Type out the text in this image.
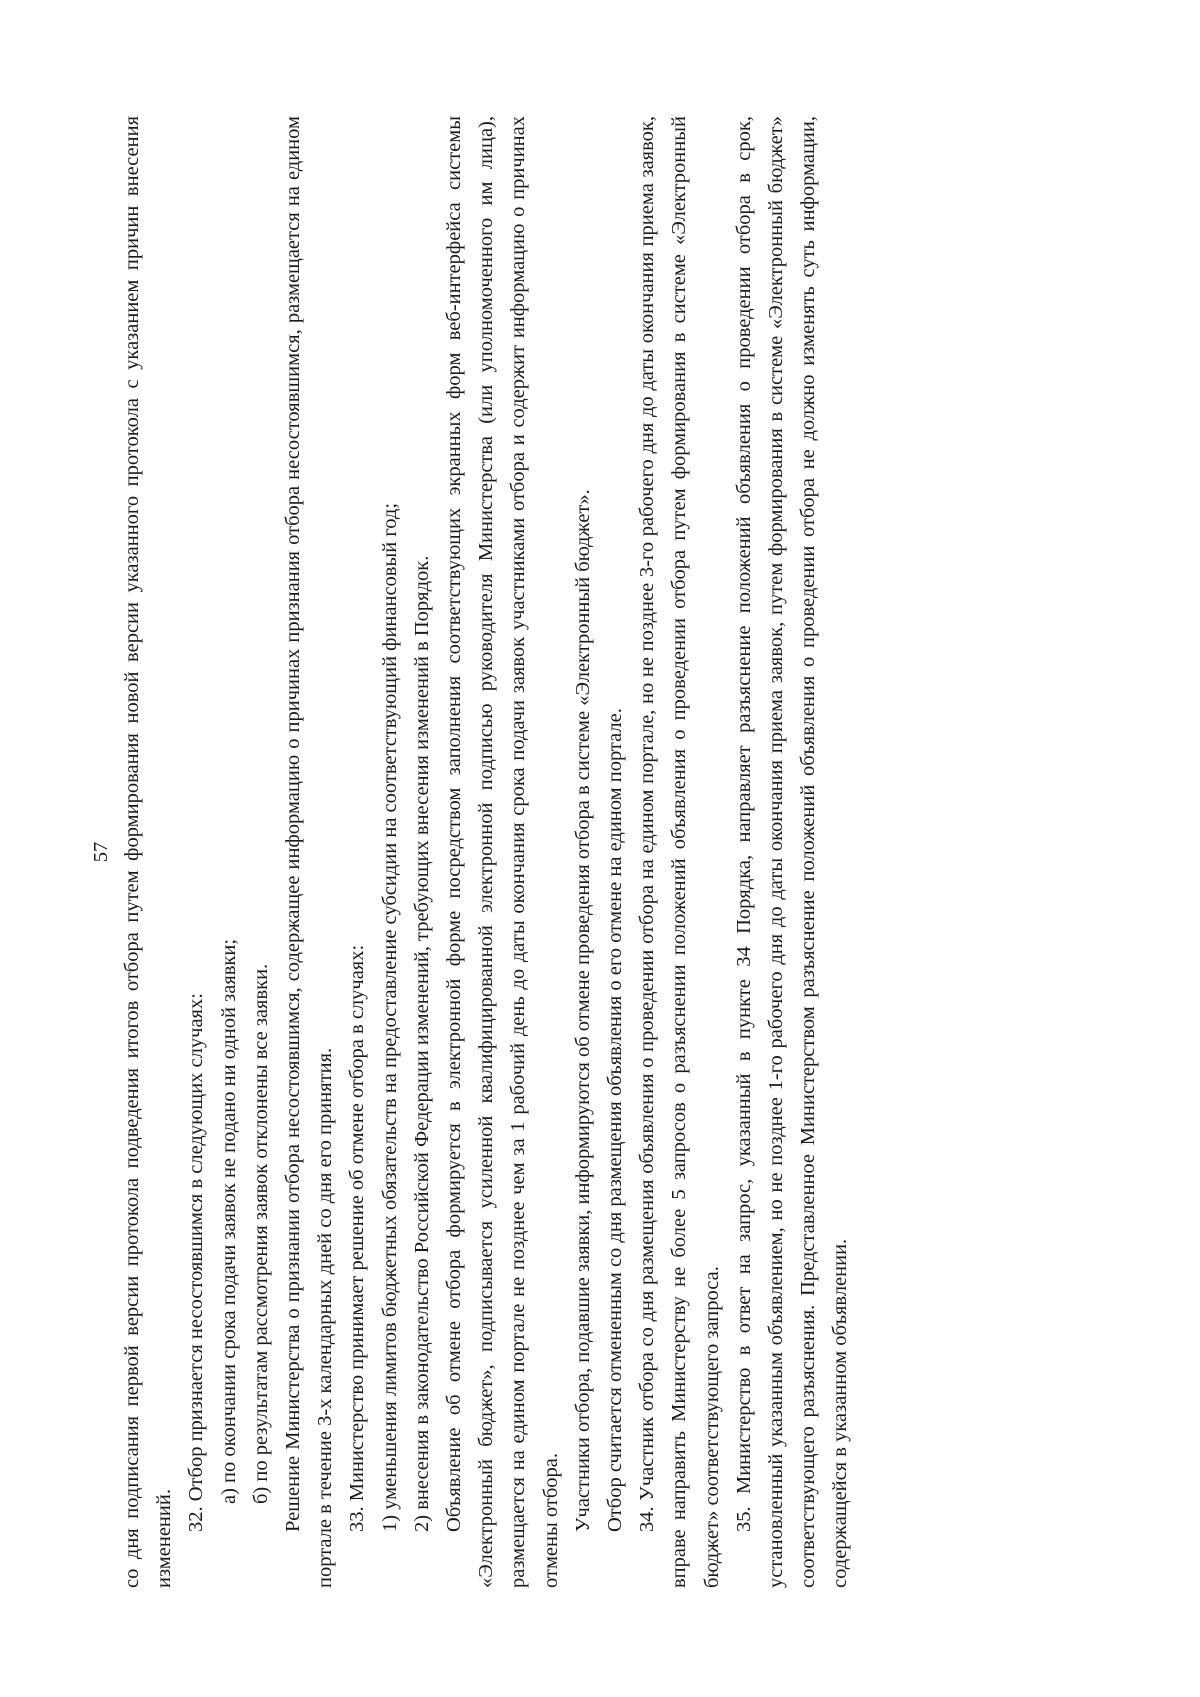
57 со дня подписания первой версии протокола подведения итогов отбора путем формирования новой версии указанного протокола с указанием причин внесения изменений.

32. Отбор признается несостоявшимся в следующих случаях: а) по окончании срока подачи заявок не подано ни одной заявки; б) по результатам рассмотрения заявок отклонены все заявки. Решение Министерства о признании отбора несостоявшимся, содержащее информацию о причинах признания отбора несостоявшимся, размещается на едином портале в течение 3-х календарных дней со дня его принятия. 33. Министерство принимает решение об отмене отбора в случаях: 1) уменьшения лимитов бюджетных обязательств на предоставление субсидии на соответствующий финансовый год; 2) внесения в законодательство Российской Федерации изменений, требующих внесения изменений в Порядок. Объявление об отмене отбора формируется в электронной форме посредством заполнения соответствующих экранных форм веб-интерфейса системы «Электронный бюджет», подписывается усиленной квалифицированной электронной подписью руководителя Министерства (или уполномоченного им лица), размещается на едином портале не позднее чем за 1 рабочий день до даты окончания срока подачи заявок участниками отбора и содержит информацию о причинах отмены отбора. Участники отбора, подавшие заявки, информируются об отмене проведения отбора в системе «Электронный бюджет». Отбор считается отмененным со дня размещения объявления о его отмене на едином портале. 34. Участник отбора со дня размещения объявления о проведении отбора на едином портале, но не позднее 3-го рабочего дня до даты окончания приема заявок, вправе направить Министерству не более 5 запросов о разъяснении положений объявления о проведении отбора путем формирования в системе «Электронный бюджет» соответствующего запроса. 35. Министерство в ответ на запрос, указанный в пункте 34 Порядка, направляет разъяснение положений объявления о проведении отбора в срок, установленный указанным объявлением, но не позднее 1-го рабочего дня до даты окончания приема заявок, путем формирования в системе «Электронный бюджет» соответствующего разъяснения. Представленное Министерством разъяснение положений объявления о проведении отбора не должно изменять суть информации, содержащейся в указанном объявлении.
